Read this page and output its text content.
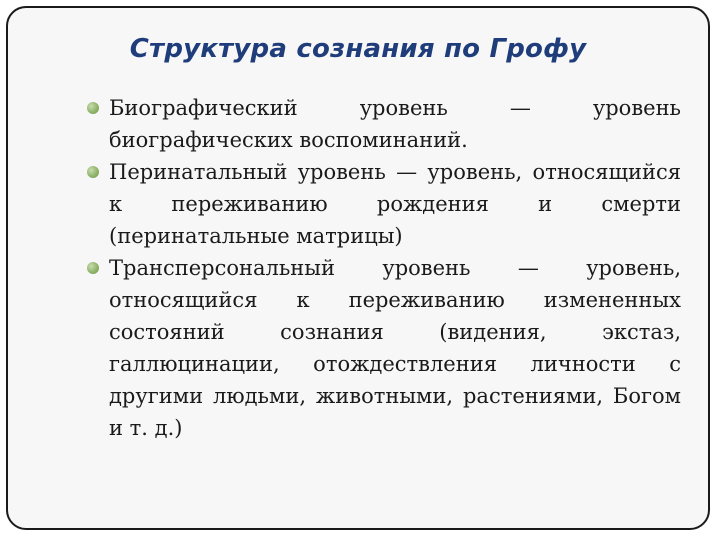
Структура сознания по Грофу
Биографический уровень — уровень биографических воспоминаний.
Перинатальный уровень — уровень, относящийся к переживанию рождения и смерти (перинатальные матрицы)
Трансперсональный уровень — уровень, относящийся к переживанию измененных состояний сознания (видения, экстаз, галлюцинации, отождествления личности с другими людьми, животными, растениями, Богом и т. д.)
